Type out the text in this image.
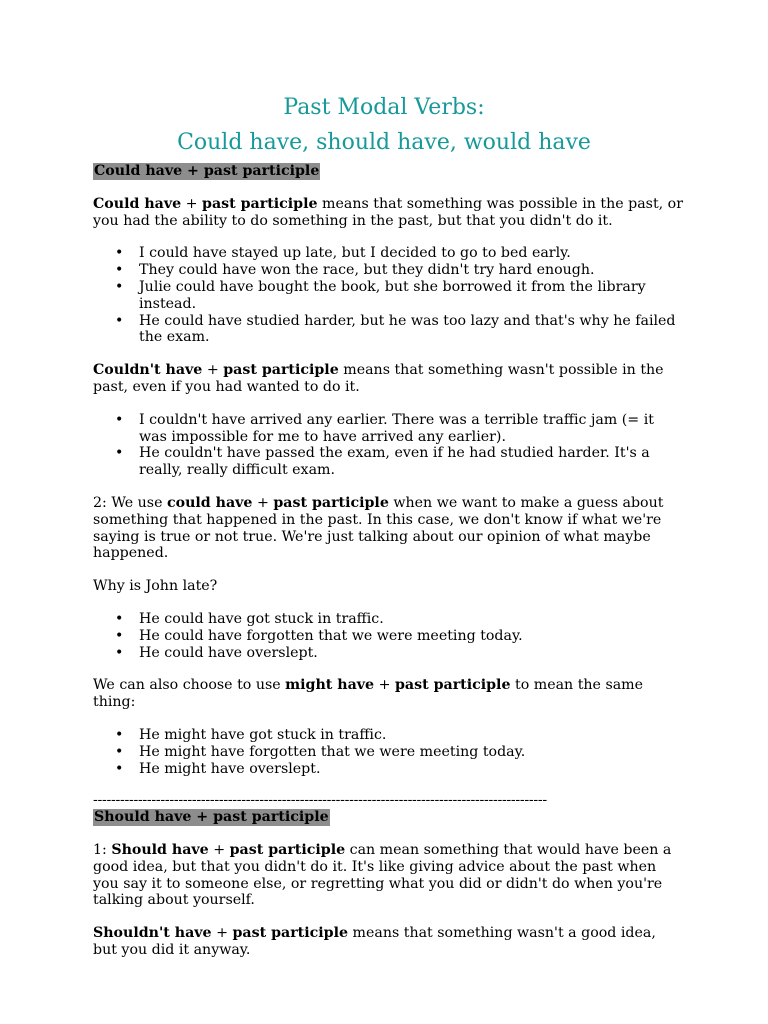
Past Modal Verbs:
Could have, should have, would have
Could have + past participle

Could have + past participle means that something was possible in the past, or you had the ability to do something in the past, but that you didn't do it.

• I could have stayed up late, but I decided to go to bed early.
• They could have won the race, but they didn't try hard enough.
• Julie could have bought the book, but she borrowed it from the library instead.
• He could have studied harder, but he was too lazy and that's why he failed the exam.

Couldn't have + past participle means that something wasn't possible in the past, even if you had wanted to do it.

• I couldn't have arrived any earlier. There was a terrible traffic jam (= it was impossible for me to have arrived any earlier).
• He couldn't have passed the exam, even if he had studied harder. It's a really, really difficult exam.

2: We use could have + past participle when we want to make a guess about something that happened in the past. In this case, we don't know if what we're saying is true or not true. We're just talking about our opinion of what maybe happened.

Why is John late?

• He could have got stuck in traffic.
• He could have forgotten that we were meeting today.
• He could have overslept.

We can also choose to use might have + past participle to mean the same thing:

• He might have got stuck in traffic.
• He might have forgotten that we were meeting today.
• He might have overslept.
-----------------------------------------------------------------------------------------------------
Should have + past participle

1: Should have + past participle can mean something that would have been a good idea, but that you didn't do it. It's like giving advice about the past when you say it to someone else, or regretting what you did or didn't do when you're talking about yourself.

Shouldn't have + past participle means that something wasn't a good idea, but you did it anyway.
